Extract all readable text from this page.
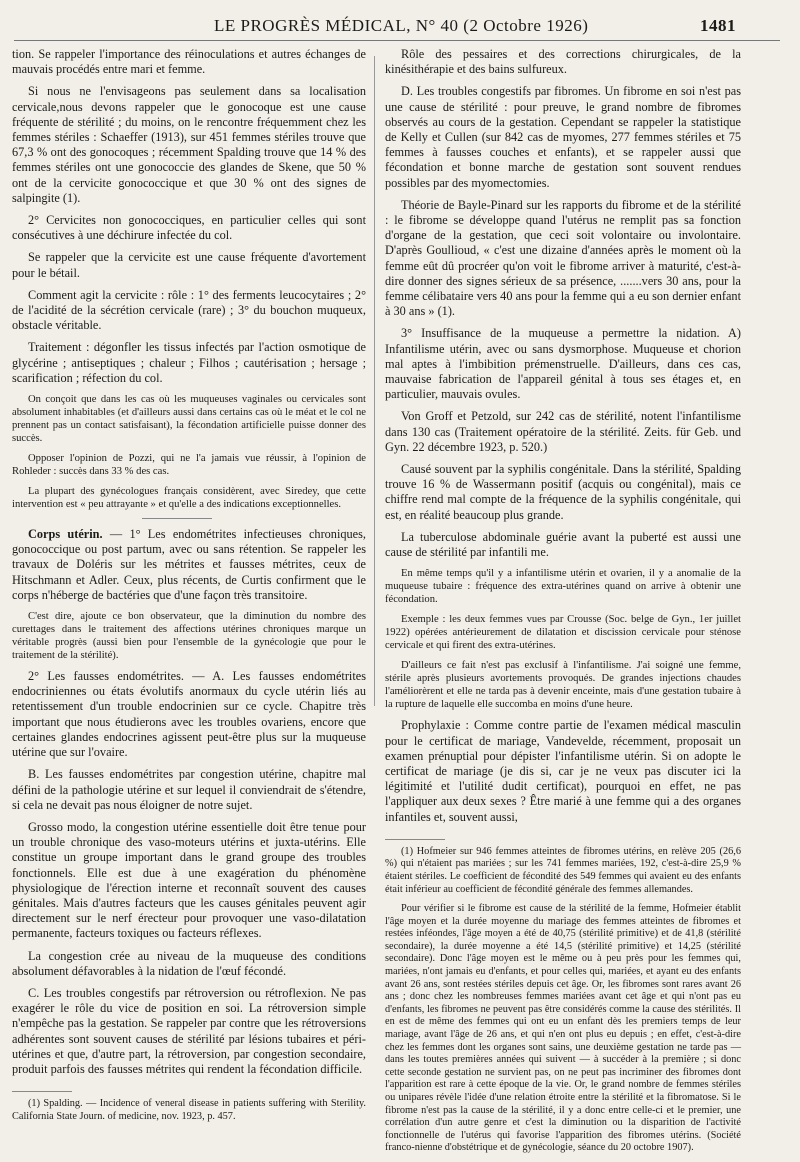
LE PROGRÈS MÉDICAL, N° 40 (2 Octobre 1926)	1481

tion. Se rappeler l'importance des réinoculations et autres échanges de mauvais procédés entre mari et femme.

Si nous ne l'envisageons pas seulement dans sa localisation cervicale,nous devons rappeler que le gonocoque est une cause fréquente de stérilité ; du moins, on le rencontre fréquemment chez les femmes stériles : Schaeffer (1913), sur 451 femmes stériles trouve que 67,3 % ont des gonocoques ; récemment Spalding trouve que 14 % des femmes stériles ont une gonococcie des glandes de Skene, que 50 % ont de la cervicite gonococcique et que 30 % ont des signes de salpingite (1).

2° Cervicites non gonococciques, en particulier celles qui sont consécutives à une déchirure infectée du col.

Se rappeler que la cervicite est une cause fréquente d'avortement pour le bétail.

Comment agit la cervicite : rôle : 1° des ferments leucocytaires ; 2° de l'acidité de la sécrétion cervicale (rare) ; 3° du bouchon muqueux, obstacle véritable.

Traitement : dégonfler les tissus infectés par l'action osmotique de glycérine ; antiseptiques ; chaleur ; Filhos ; cautérisation ; hersage ; scarification ; réfection du col.

On conçoit que dans les cas où les muqueuses vaginales ou cervicales sont absolument inhabitables (et d'ailleurs aussi dans certains cas où le méat et le col ne prennent pas un contact satisfaisant), la fécondation artificielle puisse donner des succès.

Opposer l'opinion de Pozzi, qui ne l'a jamais vue réussir, à l'opinion de Rohleder : succès dans 33 % des cas.

La plupart des gynécologues français considèrent, avec Siredey, que cette intervention est « peu attrayante » et qu'elle a des indications exceptionnelles.

Corps utérin. — 1° Les endométrites infectieuses chroniques, gonococcique ou post partum, avec ou sans rétention. Se rappeler les travaux de Doléris sur les métrites et fausses métrites, ceux de Hitschmann et Adler. Ceux, plus récents, de Curtis confirment que le corps n'héberge de bactéries que d'une façon très transitoire.

C'est dire, ajoute ce bon observateur, que la diminution du nombre des curettages dans le traitement des affections utérines chroniques marque un véritable progrès (aussi bien pour l'ensemble de la gynécologie que pour le traitement de la stérilité).

2° Les fausses endométrites. — A. Les fausses endométrites endocriniennes ou états évolutifs anormaux du cycle utérin liés au retentissement d'un trouble endocrinien sur ce cycle. Chapitre très important que nous étudierons avec les troubles ovariens, encore que certaines glandes endocrines agissent peut-être plus sur la muqueuse utérine que sur l'ovaire.

B. Les fausses endométrites par congestion utérine, chapitre mal défini de la pathologie utérine et sur lequel il conviendrait de s'étendre, si cela ne devait pas nous éloigner de notre sujet.

Grosso modo, la congestion utérine essentielle doit être tenue pour un trouble chronique des vaso-moteurs utérins et juxta-utérins. Elle constitue un groupe important dans le grand groupe des troubles fonctionnels. Elle est due à une exagération du phénomène physiologique de l'érection interne et reconnaît souvent des causes génitales. Mais d'autres facteurs que les causes génitales peuvent agir directement sur le nerf érecteur pour provoquer une vaso-dilatation permanente, facteurs toxiques ou facteurs réflexes.

La congestion crée au niveau de la muqueuse des conditions absolument défavorables à la nidation de l'œuf fécondé.

C. Les troubles congestifs par rétroversion ou rétroflexion. Ne pas exagérer le rôle du vice de position en soi. La rétroversion simple n'empêche pas la gestation. Se rappeler par contre que les rétroversions adhérentes sont souvent causes de stérilité par lésions tubaires et péri-utérines et que, d'autre part, la rétroversion, par congestion secondaire, produit parfois des fausses métrites qui rendent la fécondation difficile.

(1) Spalding. — Incidence of veneral disease in patients suffering with Sterility. California State Journ. of medicine, nov. 1923, p. 457.

Rôle des pessaires et des corrections chirurgicales, de la kinésithérapie et des bains sulfureux.

D. Les troubles congestifs par fibromes. Un fibrome en soi n'est pas une cause de stérilité : pour preuve, le grand nombre de fibromes observés au cours de la gestation. Cependant se rappeler la statistique de Kelly et Cullen (sur 842 cas de myomes, 277 femmes stériles et 75 femmes à fausses couches et enfants), et se rappeler aussi que fécondation et bonne marche de gestation sont souvent rendues possibles par des myomectomies.

Théorie de Bayle-Pinard sur les rapports du fibrome et de la stérilité : le fibrome se développe quand l'utérus ne remplit pas sa fonction d'organe de la gestation, que ceci soit volontaire ou involontaire. D'après Goullioud, « c'est une dizaine d'années après le moment où la femme eût dû procréer qu'on voit le fibrome arriver à maturité, c'est-à-dire donner des signes sérieux de sa présence, .......vers 30 ans, pour la femme célibataire vers 40 ans pour la femme qui a eu son dernier enfant à 30 ans » (1).

3° Insuffisance de la muqueuse a permettre la nidation. A) Infantilisme utérin, avec ou sans dysmorphose. Muqueuse et chorion mal aptes à l'imbibition prémenstruelle. D'ailleurs, dans ces cas, mauvaise fabrication de l'appareil génital à tous ses étages et, en particulier, mauvais ovules.

Von Groff et Petzold, sur 242 cas de stérilité, notent l'infantilisme dans 130 cas (Traitement opératoire de la stérilité. Zeits. für Geb. und Gyn. 22 décembre 1923, p. 520.)

Causé souvent par la syphilis congénitale. Dans la stérilité, Spalding trouve 16 % de Wassermann positif (acquis ou congénital), mais ce chiffre rend mal compte de la fréquence de la syphilis congénitale, qui est, en réalité beaucoup plus grande.

La tuberculose abdominale guérie avant la puberté est aussi une cause de stérilité par infantili me.

En même temps qu'il y a infantilisme utérin et ovarien, il y a anomalie de la muqueuse tubaire : fréquence des extra-utérines quand on arrive à obtenir une fécondation.

Exemple : les deux femmes vues par Crousse (Soc. belge de Gyn., 1er juillet 1922) opérées antérieurement de dilatation et discission cervicale pour sténose cervicale et qui firent des extra-utérines.

D'ailleurs ce fait n'est pas exclusif à l'infantilisme. J'ai soigné une femme, stérile après plusieurs avortements provoqués. De grandes injections chaudes l'améliorèrent et elle ne tarda pas à devenir enceinte, mais d'une gestation tubaire à la rupture de laquelle elle succomba en moins d'une heure.

Prophylaxie : Comme contre partie de l'examen médical masculin pour le certificat de mariage, Vandevelde, récemment, proposait un examen prénuptial pour dépister l'infantilisme utérin. Si on adopte le certificat de mariage (je dis si, car je ne veux pas discuter ici la légitimité et l'utilité dudit certificat), pourquoi en effet, ne pas l'appliquer aux deux sexes ? Être marié à une femme qui a des organes infantiles et, souvent aussi,

(1) Hofmeier sur 946 femmes atteintes de fibromes utérins, en relève 205 (26,6 %) qui n'étaient pas mariées ; sur les 741 femmes mariées, 192, c'est-à-dire 25,9 % étaient stériles. Le coefficient de fécondité des 549 femmes qui avaient eu des enfants était inférieur au coefficient de fécondité générale des femmes allemandes.

Pour vérifier si le fibrome est cause de la stérilité de la femme, Hofmeier établit l'âge moyen et la durée moyenne du mariage des femmes atteintes de fibromes et restées inféondes, l'âge moyen a été de 40,75 (stérilité primitive) et de 41,8 (stérilité secondaire), la durée moyenne a été 14,5 (stérilité primitive) et 14,25 (stérilité secondaire). Donc l'âge moyen est le même ou à peu près pour les femmes qui, mariées, n'ont jamais eu d'enfants, et pour celles qui, mariées, et ayant eu des enfants avant 26 ans, sont restées stériles depuis cet âge. Or, les fibromes sont rares avant 26 ans ; donc chez les nombreuses femmes mariées avant cet âge et qui n'ont pas eu d'enfants, les fibromes ne peuvent pas être considérés comme la cause des stérilités. Il en est de même des femmes qui ont eu un enfant dès les premiers temps de leur mariage, avant l'âge de 26 ans, et qui n'en ont plus eu depuis ; en effet, c'est-à-dire chez les femmes dont les organes sont sains, une deuxième gestation ne tarde pas — dans les toutes premières années qui suivent — à succéder à la première ; si donc cette seconde gestation ne survient pas, on ne peut pas incriminer des fibromes dont l'apparition est rare à cette époque de la vie. Or, le grand nombre de femmes stériles ou unipares révèle l'idée d'une relation étroite entre la stérilité et la fibromatose. Si le fibrome n'est pas la cause de la stérilité, il y a donc entre celle-ci et le premier, une corrélation d'un autre genre et c'est la diminution ou la disparition de l'activité fonctionnelle de l'utérus qui favorise l'apparition des fibromes utérins. (Société franco-nienne d'obstétrique et de gynécologie, séance du 20 octobre 1907).
